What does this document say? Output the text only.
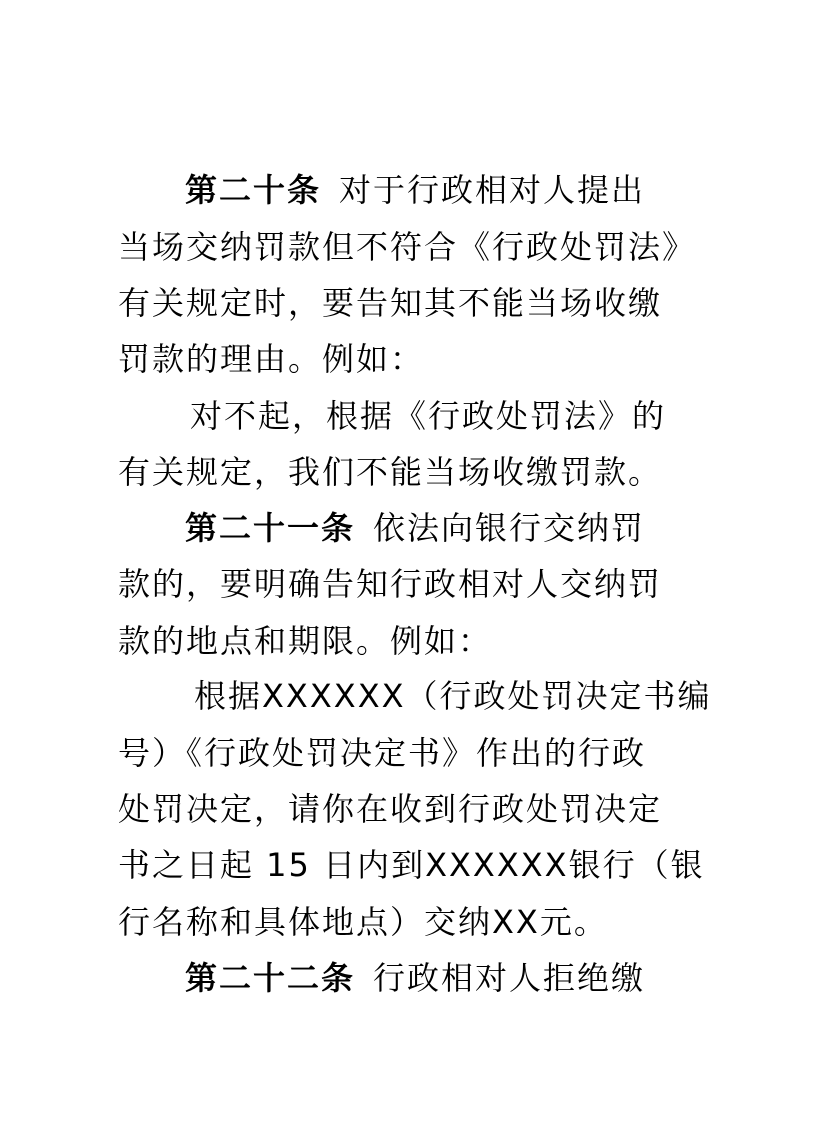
第二十条 对于行政相对人提出
当场交纳罚款但不符合《行政处罚法》
有关规定时，要告知其不能当场收缴
罚款的理由。例如：
对不起，根据《行政处罚法》的
有关规定，我们不能当场收缴罚款。
第二十一条 依法向银行交纳罚
款的，要明确告知行政相对人交纳罚
款的地点和期限。例如：
根据XXXXXX（行政处罚决定书编
号）《行政处罚决定书》作出的行政
处罚决定，请你在收到行政处罚决定
书之日起 15 日内到XXXXXX银行（银
行名称和具体地点）交纳XX元。
第二十二条 行政相对人拒绝缴
